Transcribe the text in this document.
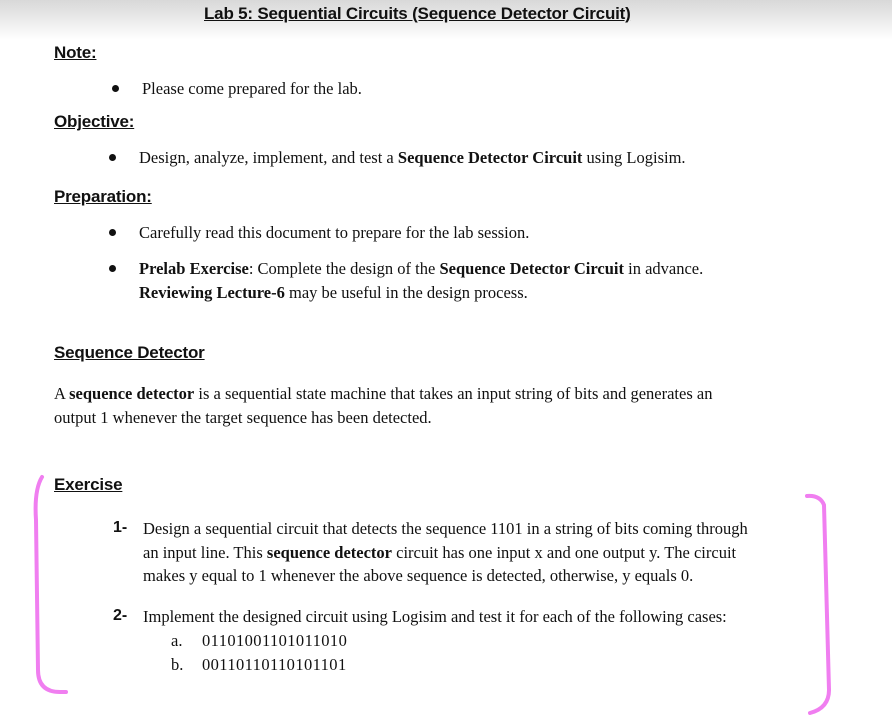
Lab 5: Sequential Circuits (Sequence Detector Circuit)
Note:
Please come prepared for the lab.
Objective:
Design, analyze, implement, and test a Sequence Detector Circuit using Logisim.
Preparation:
Carefully read this document to prepare for the lab session.
Prelab Exercise: Complete the design of the Sequence Detector Circuit in advance.
Reviewing Lecture-6 may be useful in the design process.
Sequence Detector
A sequence detector is a sequential state machine that takes an input string of bits and generates an
output 1 whenever the target sequence has been detected.
Exercise
1- Design a sequential circuit that detects the sequence 1101 in a string of bits coming through
an input line. This sequence detector circuit has one input x and one output y. The circuit
makes y equal to 1 whenever the above sequence is detected, otherwise, y equals 0.
2- Implement the designed circuit using Logisim and test it for each of the following cases:
a. 01101001101011010
b. 00110110110101101
